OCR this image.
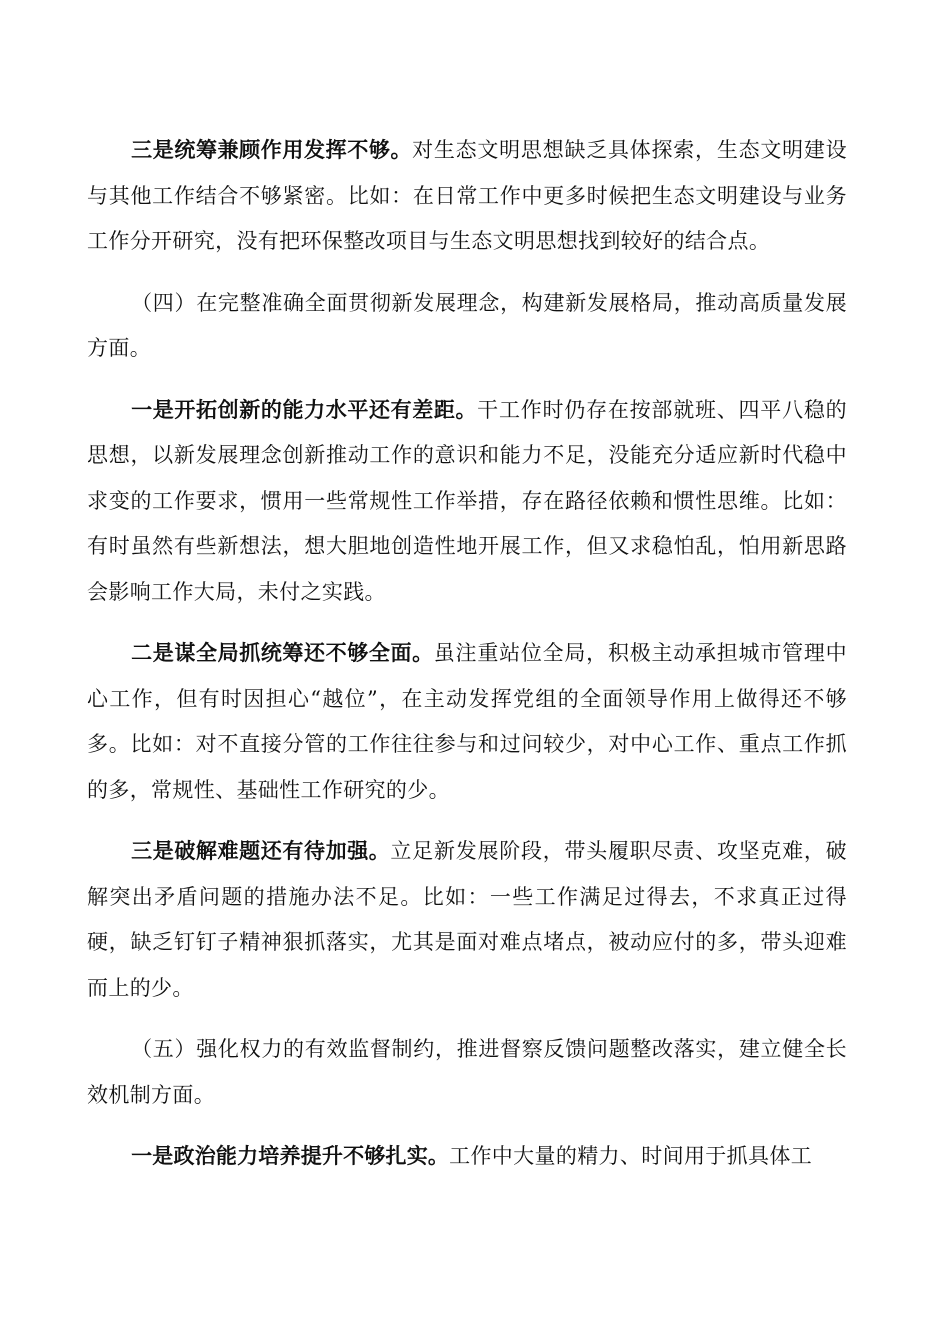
三是统筹兼顾作用发挥不够。对生态文明思想缺乏具体探索，生态文明建设与其他工作结合不够紧密。比如：在日常工作中更多时候把生态文明建设与业务工作分开研究，没有把环保整改项目与生态文明思想找到较好的结合点。

（四）在完整准确全面贯彻新发展理念，构建新发展格局，推动高质量发展方面。

一是开拓创新的能力水平还有差距。干工作时仍存在按部就班、四平八稳的思想，以新发展理念创新推动工作的意识和能力不足，没能充分适应新时代稳中求变的工作要求，惯用一些常规性工作举措，存在路径依赖和惯性思维。比如：有时虽然有些新想法，想大胆地创造性地开展工作，但又求稳怕乱，怕用新思路会影响工作大局，未付之实践。

二是谋全局抓统筹还不够全面。虽注重站位全局，积极主动承担城市管理中心工作，但有时因担心“越位”，在主动发挥党组的全面领导作用上做得还不够多。比如：对不直接分管的工作往往参与和过问较少，对中心工作、重点工作抓的多，常规性、基础性工作研究的少。

三是破解难题还有待加强。立足新发展阶段，带头履职尽责、攻坚克难，破解突出矛盾问题的措施办法不足。比如：一些工作满足过得去，不求真正过得硬，缺乏钉钉子精神狠抓落实，尤其是面对难点堵点，被动应付的多，带头迎难而上的少。

（五）强化权力的有效监督制约，推进督察反馈问题整改落实，建立健全长效机制方面。

一是政治能力培养提升不够扎实。工作中大量的精力、时间用于抓具体工
